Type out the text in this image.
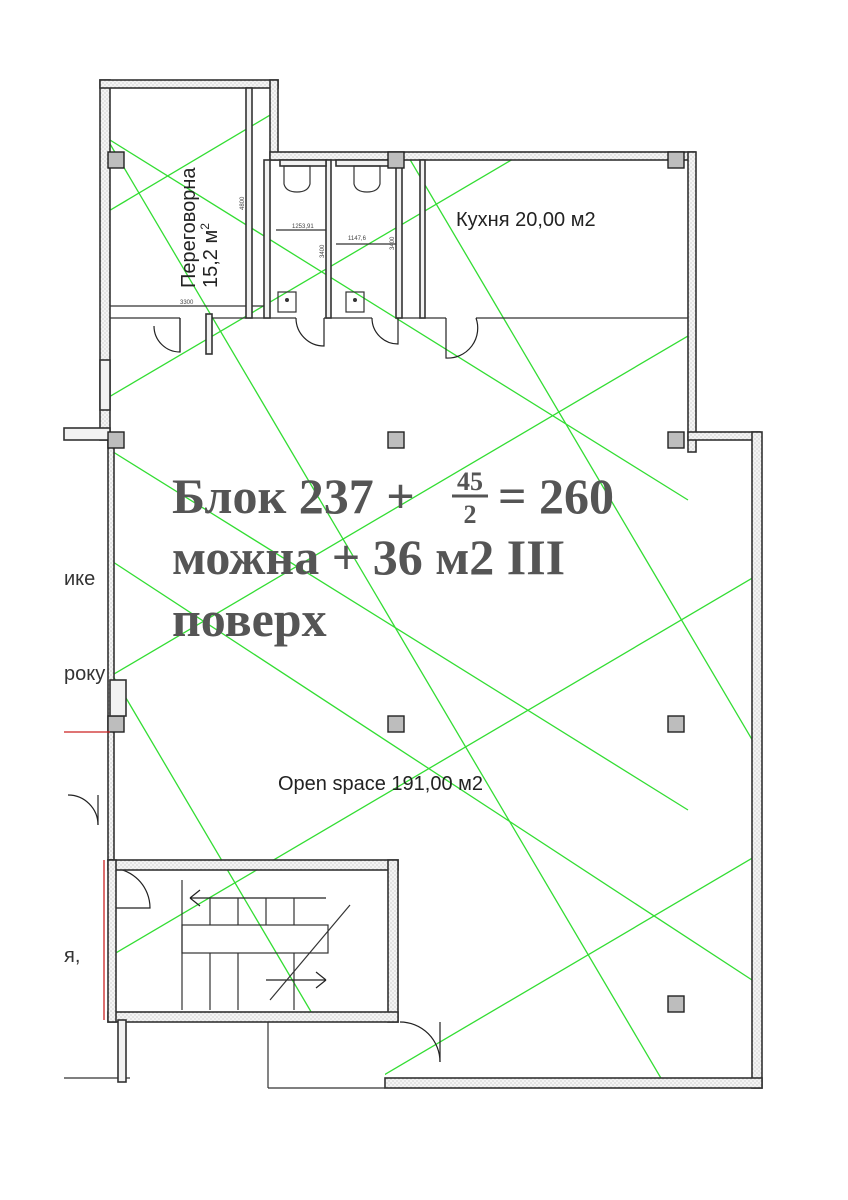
Переговорна 15,2 $м^2$	Кухня 20,00 м2
Open space 191,00 м2
3300
4800
1253,91
3400
1147,6	3400
Блок 237 + 45
2 = 260
можна + 36 м2 ІІІ
поверх
ике
року
я,
